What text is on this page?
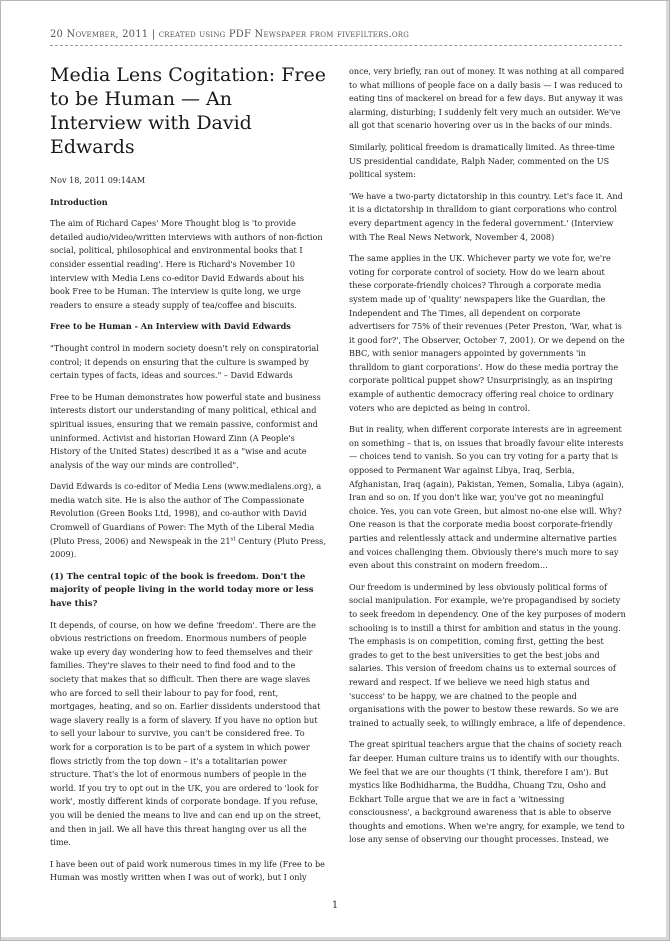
20 November, 2011 | created using PDF Newspaper from fivefilters.org
Media Lens Cogitation: Free to be Human — An Interview with David Edwards

Nov 18, 2011 09:14AM

Introduction

The aim of Richard Capes' More Thought blog is 'to provide detailed audio/video/written interviews with authors of non-fiction social, political, philosophical and environmental books that I consider essential reading'. Here is Richard's November 10 interview with Media Lens co-editor David Edwards about his book Free to be Human. The interview is quite long, we urge readers to ensure a steady supply of tea/coffee and biscuits.

Free to be Human - An Interview with David Edwards

"Thought control in modern society doesn't rely on conspiratorial control; it depends on ensuring that the culture is swamped by certain types of facts, ideas and sources." – David Edwards

Free to be Human demonstrates how powerful state and business interests distort our understanding of many political, ethical and spiritual issues, ensuring that we remain passive, conformist and uninformed. Activist and historian Howard Zinn (A People's History of the United States) described it as a "wise and acute analysis of the way our minds are controlled".

David Edwards is co-editor of Media Lens (www.medialens.org), a media watch site. He is also the author of The Compassionate Revolution (Green Books Ltd, 1998), and co-author with David Cromwell of Guardians of Power: The Myth of the Liberal Media (Pluto Press, 2006) and Newspeak in the 21st Century (Pluto Press, 2009).

(1) The central topic of the book is freedom. Don't the majority of people living in the world today more or less have this?

It depends, of course, on how we define 'freedom'. There are the obvious restrictions on freedom. Enormous numbers of people wake up every day wondering how to feed themselves and their families. They're slaves to their need to find food and to the society that makes that so difficult. Then there are wage slaves who are forced to sell their labour to pay for food, rent, mortgages, heating, and so on. Earlier dissidents understood that wage slavery really is a form of slavery. If you have no option but to sell your labour to survive, you can't be considered free. To work for a corporation is to be part of a system in which power flows strictly from the top down – it's a totalitarian power structure. That's the lot of enormous numbers of people in the world. If you try to opt out in the UK, you are ordered to 'look for work', mostly different kinds of corporate bondage. If you refuse, you will be denied the means to live and can end up on the street, and then in jail. We all have this threat hanging over us all the time.

I have been out of paid work numerous times in my life (Free to be Human was mostly written when I was out of work), but I only

once, very briefly, ran out of money. It was nothing at all compared to what millions of people face on a daily basis — I was reduced to eating tins of mackerel on bread for a few days. But anyway it was alarming, disturbing; I suddenly felt very much an outsider. We've all got that scenario hovering over us in the backs of our minds.

Similarly, political freedom is dramatically limited. As three-time US presidential candidate, Ralph Nader, commented on the US political system:

'We have a two-party dictatorship in this country. Let's face it. And it is a dictatorship in thralldom to giant corporations who control every department agency in the federal government.' (Interview with The Real News Network, November 4, 2008)

The same applies in the UK. Whichever party we vote for, we're voting for corporate control of society. How do we learn about these corporate-friendly choices? Through a corporate media system made up of 'quality' newspapers like the Guardian, the Independent and The Times, all dependent on corporate advertisers for 75% of their revenues (Peter Preston, 'War, what is it good for?', The Observer, October 7, 2001). Or we depend on the BBC, with senior managers appointed by governments 'in thralldom to giant corporations'. How do these media portray the corporate political puppet show? Unsurprisingly, as an inspiring example of authentic democracy offering real choice to ordinary voters who are depicted as being in control.

But in reality, when different corporate interests are in agreement on something – that is, on issues that broadly favour elite interests — choices tend to vanish. So you can try voting for a party that is opposed to Permanent War against Libya, Iraq, Serbia, Afghanistan, Iraq (again), Pakistan, Yemen, Somalia, Libya (again), Iran and so on. If you don't like war, you've got no meaningful choice. Yes, you can vote Green, but almost no-one else will. Why? One reason is that the corporate media boost corporate-friendly parties and relentlessly attack and undermine alternative parties and voices challenging them. Obviously there's much more to say even about this constraint on modern freedom...

Our freedom is undermined by less obviously political forms of social manipulation. For example, we're propagandised by society to seek freedom in dependency. One of the key purposes of modern schooling is to instill a thirst for ambition and status in the young. The emphasis is on competition, coming first, getting the best grades to get to the best universities to get the best jobs and salaries. This version of freedom chains us to external sources of reward and respect. If we believe we need high status and 'success' to be happy, we are chained to the people and organisations with the power to bestow these rewards. So we are trained to actually seek, to willingly embrace, a life of dependence.

The great spiritual teachers argue that the chains of society reach far deeper. Human culture trains us to identify with our thoughts. We feel that we are our thoughts ('I think, therefore I am'). But mystics like Bodhidharma, the Buddha, Chuang Tzu, Osho and Eckhart Tolle argue that we are in fact a 'witnessing consciousness', a background awareness that is able to observe thoughts and emotions. When we're angry, for example, we tend to lose any sense of observing our thought processes. Instead, we

1
